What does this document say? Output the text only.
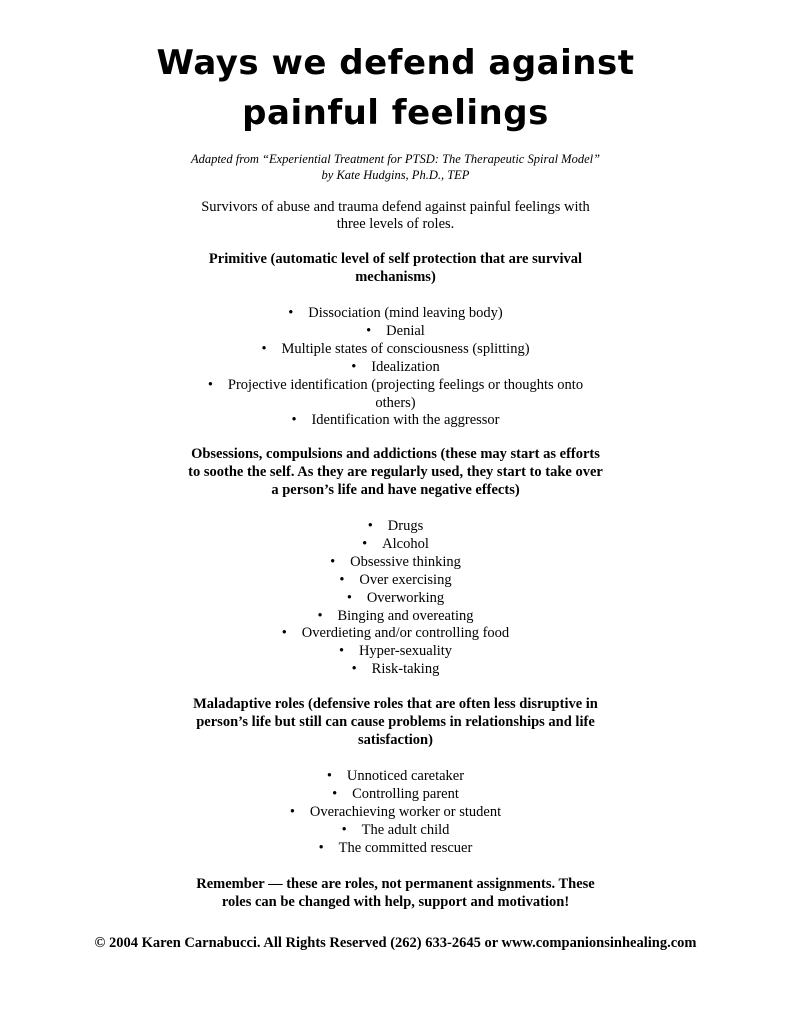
Ways we defend against
painful feelings
Adapted from “Experiential Treatment for PTSD: The Therapeutic Spiral Model”
by Kate Hudgins, Ph.D., TEP
Survivors of abuse and trauma defend against painful feelings with
three levels of roles.

Primitive (automatic level of self protection that are survival
mechanisms)

• Dissociation (mind leaving body)
• Denial
• Multiple states of consciousness (splitting)
• Idealization
• Projective identification (projecting feelings or thoughts onto
others)
• Identification with the aggressor

Obsessions, compulsions and addictions (these may start as efforts
to soothe the self. As they are regularly used, they start to take over
a person’s life and have negative effects)

• Drugs
• Alcohol
• Obsessive thinking
• Over exercising
• Overworking
• Binging and overeating
• Overdieting and/or controlling food
• Hyper-sexuality
• Risk-taking

Maladaptive roles (defensive roles that are often less disruptive in
person’s life but still can cause problems in relationships and life
satisfaction)

• Unnoticed caretaker
• Controlling parent
• Overachieving worker or student
• The adult child
• The committed rescuer
Remember — these are roles, not permanent assignments. These
roles can be changed with help, support and motivation!
© 2004 Karen Carnabucci. All Rights Reserved (262) 633-2645 or www.companionsinhealing.com
